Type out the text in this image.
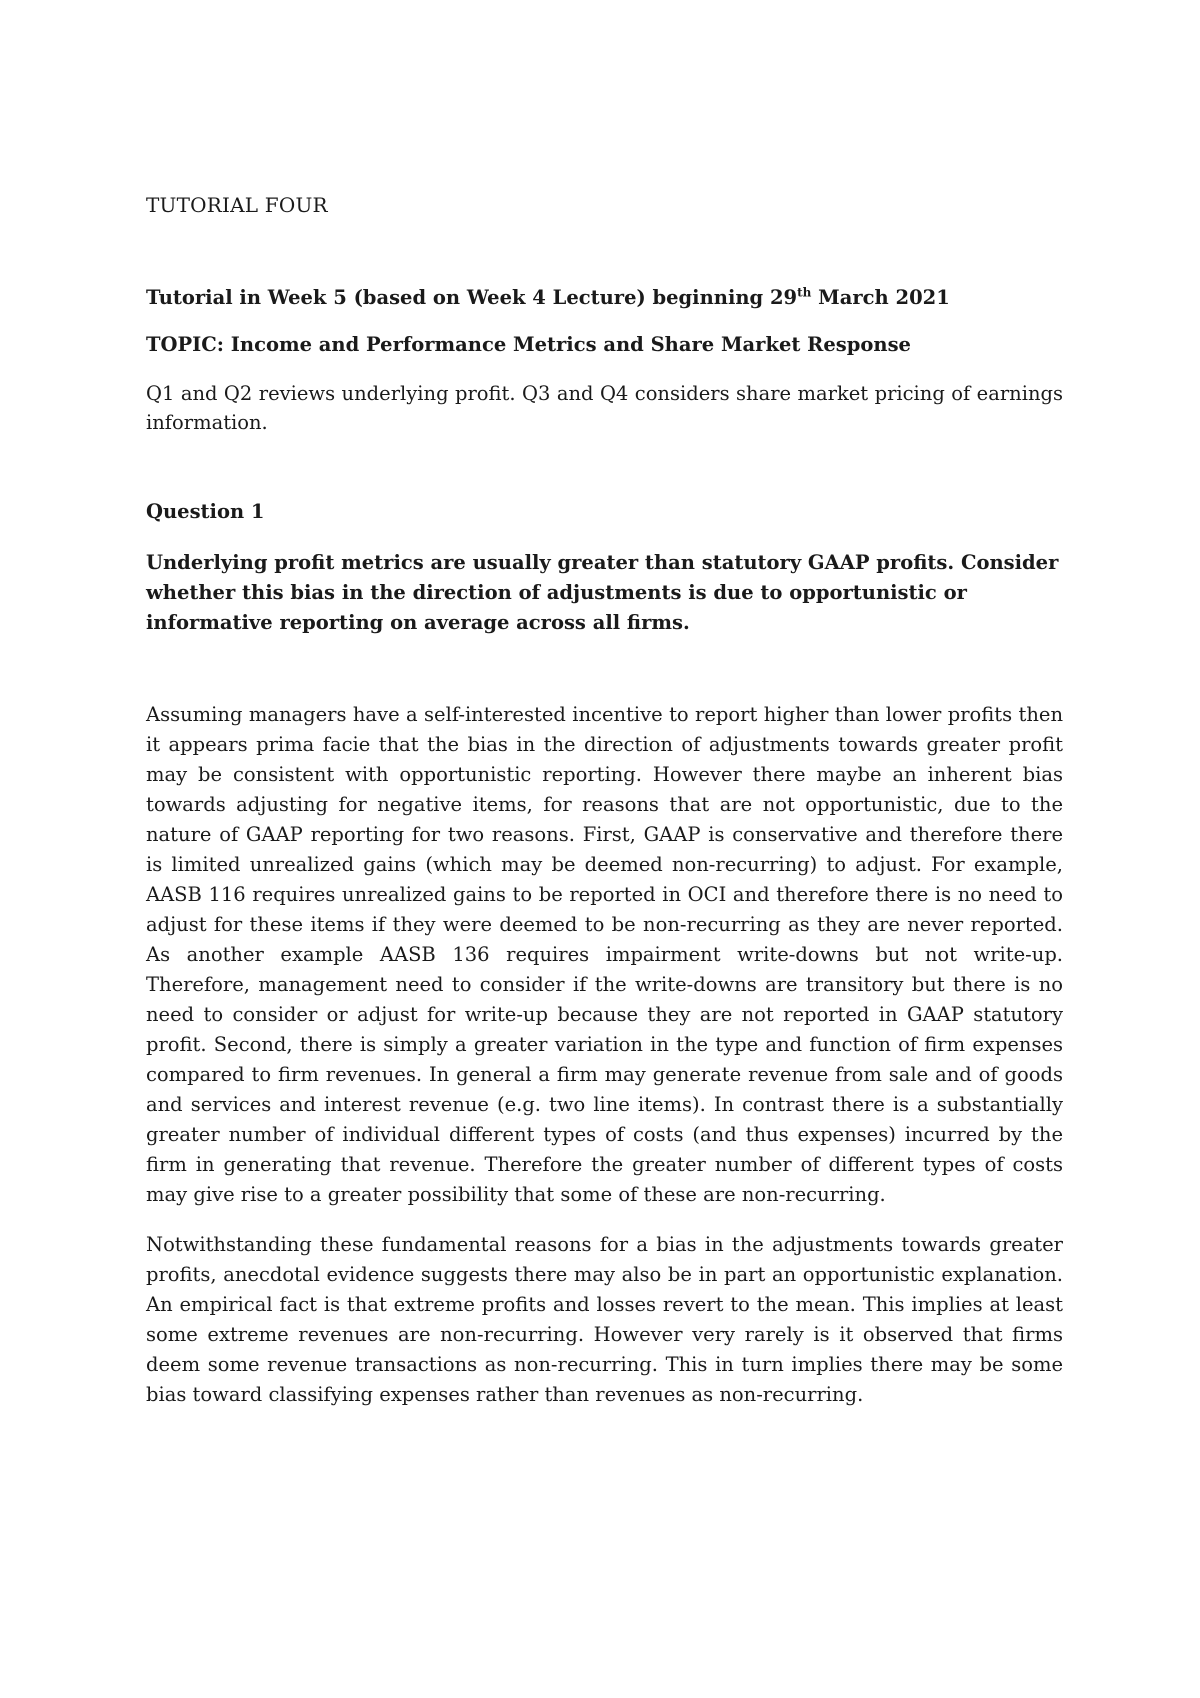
TUTORIAL FOUR

Tutorial in Week 5 (based on Week 4 Lecture) beginning 29th March 2021

TOPIC: Income and Performance Metrics and Share Market Response

Q1 and Q2 reviews underlying profit. Q3 and Q4 considers share market pricing of earnings information.

Question 1

Underlying profit metrics are usually greater than statutory GAAP profits. Consider whether this bias in the direction of adjustments is due to opportunistic or informative reporting on average across all firms.

Assuming managers have a self-interested incentive to report higher than lower profits then it appears prima facie that the bias in the direction of adjustments towards greater profit may be consistent with opportunistic reporting. However there maybe an inherent bias towards adjusting for negative items, for reasons that are not opportunistic, due to the nature of GAAP reporting for two reasons. First, GAAP is conservative and therefore there is limited unrealized gains (which may be deemed non-recurring) to adjust. For example, AASB 116 requires unrealized gains to be reported in OCI and therefore there is no need to adjust for these items if they were deemed to be non-recurring as they are never reported. As another example AASB 136 requires impairment write-downs but not write-up. Therefore, management need to consider if the write-downs are transitory but there is no need to consider or adjust for write-up because they are not reported in GAAP statutory profit. Second, there is simply a greater variation in the type and function of firm expenses compared to firm revenues. In general a firm may generate revenue from sale and of goods and services and interest revenue (e.g. two line items). In contrast there is a substantially greater number of individual different types of costs (and thus expenses) incurred by the firm in generating that revenue. Therefore the greater number of different types of costs may give rise to a greater possibility that some of these are non-recurring.

Notwithstanding these fundamental reasons for a bias in the adjustments towards greater profits, anecdotal evidence suggests there may also be in part an opportunistic explanation. An empirical fact is that extreme profits and losses revert to the mean. This implies at least some extreme revenues are non-recurring. However very rarely is it observed that firms deem some revenue transactions as non-recurring. This in turn implies there may be some bias toward classifying expenses rather than revenues as non-recurring.
